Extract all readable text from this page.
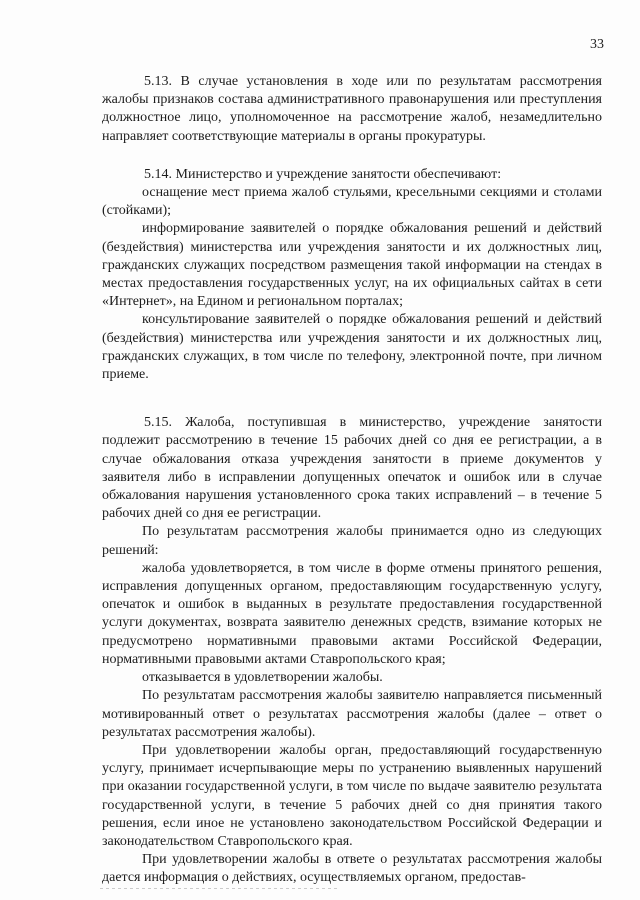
33

5.13. В случае установления в ходе или по результатам рассмотрения жалобы признаков состава административного правонарушения или преступления должностное лицо, уполномоченное на рассмотрение жалоб, незамедлительно направляет соответствующие материалы в органы прокуратуры.

5.14. Министерство и учреждение занятости обеспечивают:

оснащение мест приема жалоб стульями, кресельными секциями и столами (стойками);

информирование заявителей о порядке обжалования решений и действий (бездействия) министерства или учреждения занятости и их должностных лиц, гражданских служащих посредством размещения такой информации на стендах в местах предоставления государственных услуг, на их официальных сайтах в сети «Интернет», на Едином и региональном порталах;

консультирование заявителей о порядке обжалования решений и действий (бездействия) министерства или учреждения занятости и их должностных лиц, гражданских служащих, в том числе по телефону, электронной почте, при личном приеме.

5.15. Жалоба, поступившая в министерство, учреждение занятости подлежит рассмотрению в течение 15 рабочих дней со дня ее регистрации, а в случае обжалования отказа учреждения занятости в приеме документов у заявителя либо в исправлении допущенных опечаток и ошибок или в случае обжалования нарушения установленного срока таких исправлений – в течение 5 рабочих дней со дня ее регистрации.

По результатам рассмотрения жалобы принимается одно из следующих решений:

жалоба удовлетворяется, в том числе в форме отмены принятого решения, исправления допущенных органом, предоставляющим государственную услугу, опечаток и ошибок в выданных в результате предоставления государственной услуги документах, возврата заявителю денежных средств, взимание которых не предусмотрено нормативными правовыми актами Российской Федерации, нормативными правовыми актами Ставропольского края;

отказывается в удовлетворении жалобы.

По результатам рассмотрения жалобы заявителю направляется письменный мотивированный ответ о результатах рассмотрения жалобы (далее – ответ о результатах рассмотрения жалобы).

При удовлетворении жалобы орган, предоставляющий государственную услугу, принимает исчерпывающие меры по устранению выявленных нарушений при оказании государственной услуги, в том числе по выдаче заявителю результата государственной услуги, в течение 5 рабочих дней со дня принятия такого решения, если иное не установлено законодательством Российской Федерации и законодательством Ставропольского края.

При удовлетворении жалобы в ответе о результатах рассмотрения жалобы дается информация о действиях, осуществляемых органом, предостав-
